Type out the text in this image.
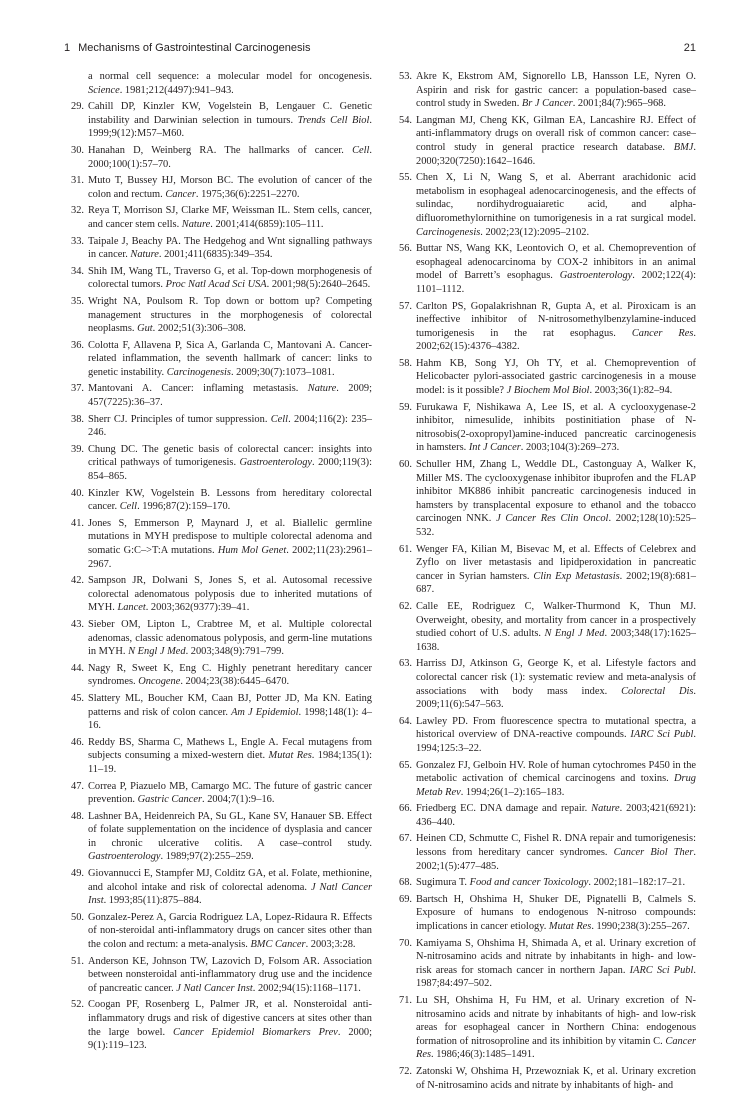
1 Mechanisms of Gastrointestinal Carcinogenesis	21
a normal cell sequence: a molecular model for oncogenesis. Science. 1981;212(4497):941–943.
29. Cahill DP, Kinzler KW, Vogelstein B, Lengauer C. Genetic instability and Darwinian selection in tumours. Trends Cell Biol. 1999;9(12):M57–M60.
30. Hanahan D, Weinberg RA. The hallmarks of cancer. Cell. 2000;100(1):57–70.
31. Muto T, Bussey HJ, Morson BC. The evolution of cancer of the colon and rectum. Cancer. 1975;36(6):2251–2270.
32. Reya T, Morrison SJ, Clarke MF, Weissman IL. Stem cells, cancer, and cancer stem cells. Nature. 2001;414(6859):105–111.
33. Taipale J, Beachy PA. The Hedgehog and Wnt signalling pathways in cancer. Nature. 2001;411(6835):349–354.
34. Shih IM, Wang TL, Traverso G, et al. Top-down morphogenesis of colorectal tumors. Proc Natl Acad Sci USA. 2001;98(5):2640–2645.
35. Wright NA, Poulsom R. Top down or bottom up? Competing management structures in the morphogenesis of colorectal neoplasms. Gut. 2002;51(3):306–308.
36. Colotta F, Allavena P, Sica A, Garlanda C, Mantovani A. Cancer-related inflammation, the seventh hallmark of cancer: links to genetic instability. Carcinogenesis. 2009;30(7):1073–1081.
37. Mantovani A. Cancer: inflaming metastasis. Nature. 2009; 457(7225):36–37.
38. Sherr CJ. Principles of tumor suppression. Cell. 2004;116(2): 235–246.
39. Chung DC. The genetic basis of colorectal cancer: insights into critical pathways of tumorigenesis. Gastroenterology. 2000;119(3): 854–865.
40. Kinzler KW, Vogelstein B. Lessons from hereditary colorectal cancer. Cell. 1996;87(2):159–170.
41. Jones S, Emmerson P, Maynard J, et al. Biallelic germline mutations in MYH predispose to multiple colorectal adenoma and somatic G:C–>T:A mutations. Hum Mol Genet. 2002;11(23):2961–2967.
42. Sampson JR, Dolwani S, Jones S, et al. Autosomal recessive colorectal adenomatous polyposis due to inherited mutations of MYH. Lancet. 2003;362(9377):39–41.
43. Sieber OM, Lipton L, Crabtree M, et al. Multiple colorectal adenomas, classic adenomatous polyposis, and germ-line mutations in MYH. N Engl J Med. 2003;348(9):791–799.
44. Nagy R, Sweet K, Eng C. Highly penetrant hereditary cancer syndromes. Oncogene. 2004;23(38):6445–6470.
45. Slattery ML, Boucher KM, Caan BJ, Potter JD, Ma KN. Eating patterns and risk of colon cancer. Am J Epidemiol. 1998;148(1): 4–16.
46. Reddy BS, Sharma C, Mathews L, Engle A. Fecal mutagens from subjects consuming a mixed-western diet. Mutat Res. 1984;135(1): 11–19.
47. Correa P, Piazuelo MB, Camargo MC. The future of gastric cancer prevention. Gastric Cancer. 2004;7(1):9–16.
48. Lashner BA, Heidenreich PA, Su GL, Kane SV, Hanauer SB. Effect of folate supplementation on the incidence of dysplasia and cancer in chronic ulcerative colitis. A case–control study. Gastroenterology. 1989;97(2):255–259.
49. Giovannucci E, Stampfer MJ, Colditz GA, et al. Folate, methionine, and alcohol intake and risk of colorectal adenoma. J Natl Cancer Inst. 1993;85(11):875–884.
50. Gonzalez-Perez A, Garcia Rodriguez LA, Lopez-Ridaura R. Effects of non-steroidal anti-inflammatory drugs on cancer sites other than the colon and rectum: a meta-analysis. BMC Cancer. 2003;3:28.
51. Anderson KE, Johnson TW, Lazovich D, Folsom AR. Association between nonsteroidal anti-inflammatory drug use and the incidence of pancreatic cancer. J Natl Cancer Inst. 2002;94(15):1168–1171.
52. Coogan PF, Rosenberg L, Palmer JR, et al. Nonsteroidal anti-inflammatory drugs and risk of digestive cancers at sites other than the large bowel. Cancer Epidemiol Biomarkers Prev. 2000; 9(1):119–123.
53. Akre K, Ekstrom AM, Signorello LB, Hansson LE, Nyren O. Aspirin and risk for gastric cancer: a population-based case–control study in Sweden. Br J Cancer. 2001;84(7):965–968.
54. Langman MJ, Cheng KK, Gilman EA, Lancashire RJ. Effect of anti-inflammatory drugs on overall risk of common cancer: case–control study in general practice research database. BMJ. 2000;320(7250):1642–1646.
55. Chen X, Li N, Wang S, et al. Aberrant arachidonic acid metabolism in esophageal adenocarcinogenesis, and the effects of sulindac, nordihydroguaiaretic acid, and alpha-difluoromethylornithine on tumorigenesis in a rat surgical model. Carcinogenesis. 2002;23(12):2095–2102.
56. Buttar NS, Wang KK, Leontovich O, et al. Chemoprevention of esophageal adenocarcinoma by COX-2 inhibitors in an animal model of Barrett’s esophagus. Gastroenterology. 2002;122(4): 1101–1112.
57. Carlton PS, Gopalakrishnan R, Gupta A, et al. Piroxicam is an ineffective inhibitor of N-nitrosomethylbenzylamine-induced tumorigenesis in the rat esophagus. Cancer Res. 2002;62(15):4376–4382.
58. Hahm KB, Song YJ, Oh TY, et al. Chemoprevention of Helicobacter pylori-associated gastric carcinogenesis in a mouse model: is it possible? J Biochem Mol Biol. 2003;36(1):82–94.
59. Furukawa F, Nishikawa A, Lee IS, et al. A cyclooxygenase-2 inhibitor, nimesulide, inhibits postinitiation phase of N-nitrosobis(2-oxopropyl)amine-induced pancreatic carcinogenesis in hamsters. Int J Cancer. 2003;104(3):269–273.
60. Schuller HM, Zhang L, Weddle DL, Castonguay A, Walker K, Miller MS. The cyclooxygenase inhibitor ibuprofen and the FLAP inhibitor MK886 inhibit pancreatic carcinogenesis induced in hamsters by transplacental exposure to ethanol and the tobacco carcinogen NNK. J Cancer Res Clin Oncol. 2002;128(10):525–532.
61. Wenger FA, Kilian M, Bisevac M, et al. Effects of Celebrex and Zyflo on liver metastasis and lipidperoxidation in pancreatic cancer in Syrian hamsters. Clin Exp Metastasis. 2002;19(8):681–687.
62. Calle EE, Rodriguez C, Walker-Thurmond K, Thun MJ. Overweight, obesity, and mortality from cancer in a prospectively studied cohort of U.S. adults. N Engl J Med. 2003;348(17):1625–1638.
63. Harriss DJ, Atkinson G, George K, et al. Lifestyle factors and colorectal cancer risk (1): systematic review and meta-analysis of associations with body mass index. Colorectal Dis. 2009;11(6):547–563.
64. Lawley PD. From fluorescence spectra to mutational spectra, a historical overview of DNA-reactive compounds. IARC Sci Publ. 1994;125:3–22.
65. Gonzalez FJ, Gelboin HV. Role of human cytochromes P450 in the metabolic activation of chemical carcinogens and toxins. Drug Metab Rev. 1994;26(1–2):165–183.
66. Friedberg EC. DNA damage and repair. Nature. 2003;421(6921): 436–440.
67. Heinen CD, Schmutte C, Fishel R. DNA repair and tumorigenesis: lessons from hereditary cancer syndromes. Cancer Biol Ther. 2002;1(5):477–485.
68. Sugimura T. Food and cancer Toxicology. 2002;181–182:17–21.
69. Bartsch H, Ohshima H, Shuker DE, Pignatelli B, Calmels S. Exposure of humans to endogenous N-nitroso compounds: implications in cancer etiology. Mutat Res. 1990;238(3):255–267.
70. Kamiyama S, Ohshima H, Shimada A, et al. Urinary excretion of N-nitrosamino acids and nitrate by inhabitants in high- and low-risk areas for stomach cancer in northern Japan. IARC Sci Publ. 1987;84:497–502.
71. Lu SH, Ohshima H, Fu HM, et al. Urinary excretion of N-nitrosamino acids and nitrate by inhabitants of high- and low-risk areas for esophageal cancer in Northern China: endogenous formation of nitrosoproline and its inhibition by vitamin C. Cancer Res. 1986;46(3):1485–1491.
72. Zatonski W, Ohshima H, Przewozniak K, et al. Urinary excretion of N-nitrosamino acids and nitrate by inhabitants of high- and
